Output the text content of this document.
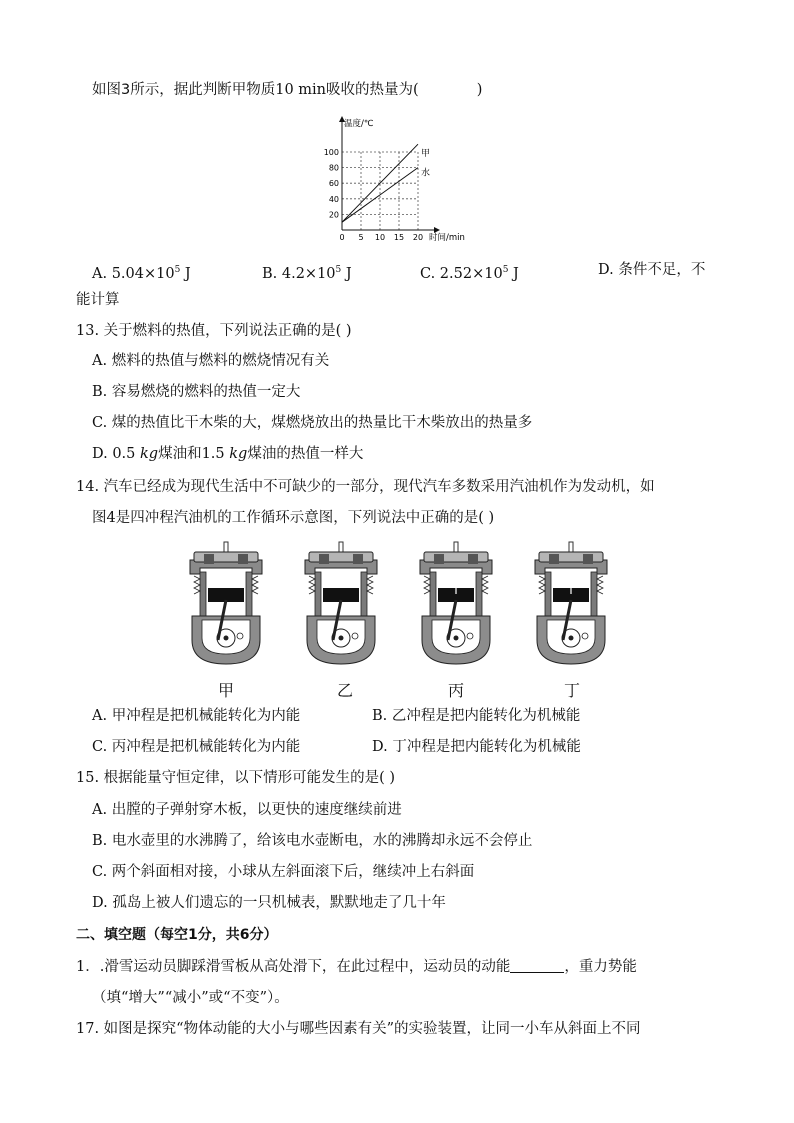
如图3所示，据此判断甲物质10 min吸收的热量为(	)
温度/℃
时间/min
0 5 10 15 20
20
40
60
80
100	甲
水
A. $5.04\times 10^5$ J	B. $4.2\times 10^5$ J	C. $2.52\times 10^5$ J	D. 条件不足，不
能计算
13. 关于燃料的热值，下列说法正确的是( )
A. 燃料的热值与燃料的燃烧情况有关
B. 容易燃烧的燃料的热值一定大
C. 煤的热值比干木柴的大，煤燃烧放出的热量比干木柴放出的热量多
D. 0.5 kg煤油和1.5 kg煤油的热值一样大
14. 汽车已经成为现代生活中不可缺少的一部分，现代汽车多数采用汽油机作为发动机，如
图4是四冲程汽油机的工作循环示意图，下列说法中正确的是( )
甲	乙	丙	丁
A. 甲冲程是把机械能转化为内能	B. 乙冲程是把内能转化为机械能
C. 丙冲程是把机械能转化为内能	D. 丁冲程是把内能转化为机械能
15. 根据能量守恒定律，以下情形可能发生的是( )
A. 出膛的子弹射穿木板，以更快的速度继续前进
B. 电水壶里的水沸腾了，给该电水壶断电，水的沸腾却永远不会停止
C. 两个斜面相对接，小球从左斜面滚下后，继续冲上右斜面
D. 孤岛上被人们遗忘的一只机械表，默默地走了几十年
二、填空题（每空1分，共6分）
1．.滑雪运动员脚踩滑雪板从高处滑下，在此过程中，运动员的动能	，重力势能
（填“增大”“减小”或“不变”）。
17. 如图是探究“物体动能的大小与哪些因素有关”的实验装置，让同一小车从斜面上不同
